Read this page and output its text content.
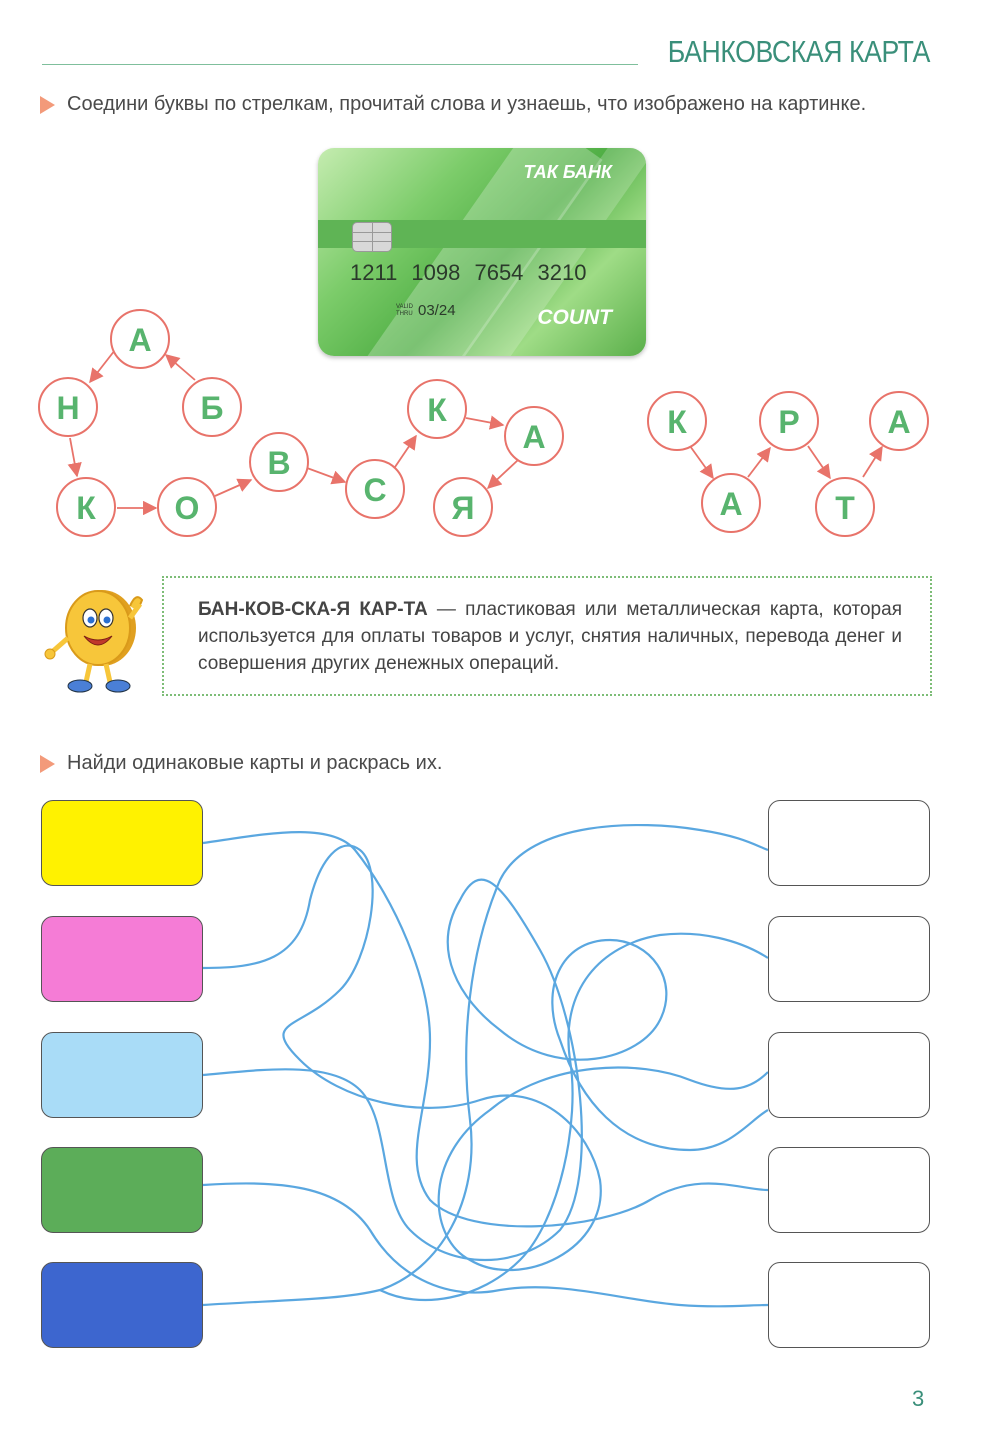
БАНКОВСКАЯ КАРТА
Соедини буквы по стрелкам, прочитай слова и узнаешь, что изображено на картинке.
ТАК БАНК
1211 1098 7654 3210
VALID
THRU 03/24	COUNT
А
Н	Б
К О
В
С
К
А
Я
К
А
Р
Т
А
БАН-КОВ-СКА-Я КАР-ТА — пластиковая или металлическая карта, которая используется для оплаты товаров и услуг, снятия наличных, перевода денег и совершения других денежных операций.
Найди одинаковые карты и раскрась их.
3
